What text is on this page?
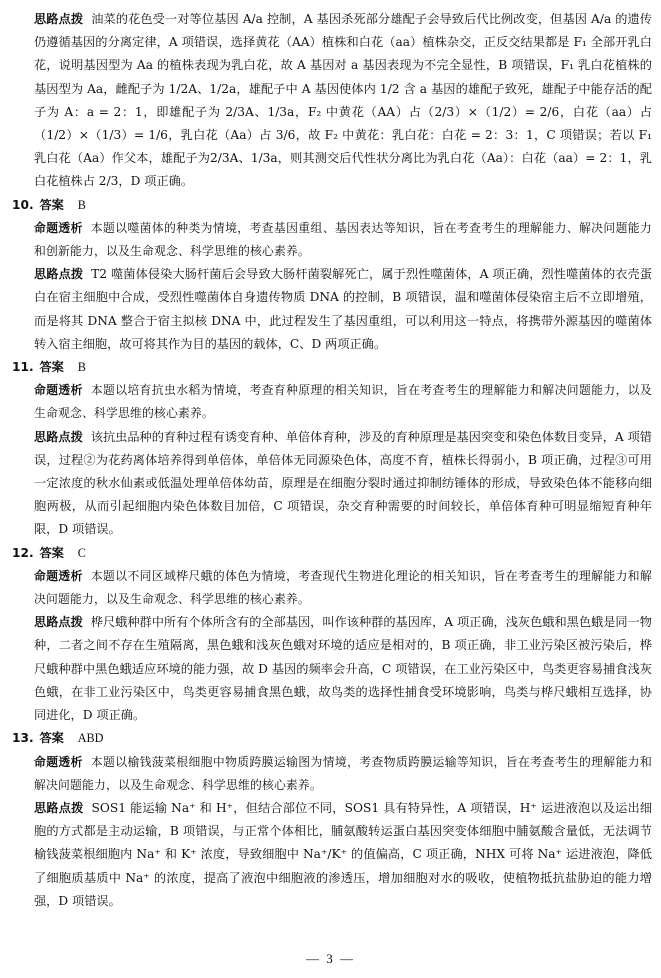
思路点拨 油菜的花色受一对等位基因 A/a 控制，A 基因杀死部分雄配子会导致后代比例改变，但基因 A/a 的遗传仍遵循基因的分离定律，A 项错误，选择黄花（AA）植株和白花（aa）植株杂交，正反交结果都是 F₁ 全部开乳白花，说明基因型为 Aa 的植株表现为乳白花，故 A 基因对 a 基因表现为不完全显性，B 项错误，F₁ 乳白花植株的基因型为 Aa，雌配子为 1/2A、1/2a，雄配子中 A 基因使体内 1/2 含 a 基因的雄配子致死，雄配子中能存活的配子为 A：a = 2：1，即雄配子为 2/3A、1/3a，F₂ 中黄花（AA）占（2/3）×（1/2）= 2/6，白花（aa）占（1/2）×（1/3）= 1/6，乳白花（Aa）占 3/6，故 F₂ 中黄花：乳白花：白花 = 2：3：1，C 项错误；若以 F₁ 乳白花（Aa）作父本，雄配子为2/3A、1/3a，则其测交后代性状分离比为乳白花（Aa）：白花（aa）= 2：1，乳白花植株占 2/3，D 项正确。

10. 答案 B

命题透析 本题以噬菌体的种类为情境，考查基因重组、基因表达等知识，旨在考查考生的理解能力、解决问题能力和创新能力，以及生命观念、科学思维的核心素养。

思路点拨 T2 噬菌体侵染大肠杆菌后会导致大肠杆菌裂解死亡，属于烈性噬菌体，A 项正确，烈性噬菌体的衣壳蛋白在宿主细胞中合成，受烈性噬菌体自身遗传物质 DNA 的控制，B 项错误，温和噬菌体侵染宿主后不立即增殖，而是将其 DNA 整合于宿主拟核 DNA 中，此过程发生了基因重组，可以利用这一特点，将携带外源基因的噬菌体转入宿主细胞，故可将其作为目的基因的载体，C、D 两项正确。

11. 答案 B

命题透析 本题以培育抗虫水稻为情境，考查育种原理的相关知识，旨在考查考生的理解能力和解决问题能力，以及生命观念、科学思维的核心素养。

思路点拨 该抗虫品种的育种过程有诱变育种、单倍体育种，涉及的育种原理是基因突变和染色体数目变异，A 项错误，过程②为花药离体培养得到单倍体，单倍体无同源染色体，高度不育，植株长得弱小，B 项正确，过程③可用一定浓度的秋水仙素或低温处理单倍体幼苗，原理是在细胞分裂时通过抑制纺锤体的形成，导致染色体不能移向细胞两极，从而引起细胞内染色体数目加倍，C 项错误，杂交育种需要的时间较长，单倍体育种可明显缩短育种年限，D 项错误。

12. 答案 C

命题透析 本题以不同区域桦尺蛾的体色为情境，考查现代生物进化理论的相关知识，旨在考查考生的理解能力和解决问题能力，以及生命观念、科学思维的核心素养。

思路点拨 桦尺蛾种群中所有个体所含有的全部基因，叫作该种群的基因库，A 项正确，浅灰色蛾和黑色蛾是同一物种，二者之间不存在生殖隔离，黑色蛾和浅灰色蛾对环境的适应是相对的，B 项正确，非工业污染区被污染后，桦尺蛾种群中黑色蛾适应环境的能力强，故 D 基因的频率会升高，C 项错误，在工业污染区中，鸟类更容易捕食浅灰色蛾，在非工业污染区中，鸟类更容易捕食黑色蛾，故鸟类的选择性捕食受环境影响，鸟类与桦尺蛾相互选择，协同进化，D 项正确。

13. 答案 ABD

命题透析 本题以榆钱菠菜根细胞中物质跨膜运输图为情境，考查物质跨膜运输等知识，旨在考查考生的理解能力和解决问题能力，以及生命观念、科学思维的核心素养。

思路点拨 SOS1 能运输 Na⁺ 和 H⁺，但结合部位不同，SOS1 具有特异性，A 项错误，H⁺ 运进液泡以及运出细胞的方式都是主动运输，B 项错误，与正常个体相比，脯氨酸转运蛋白基因突变体细胞中脯氨酸含量低，无法调节榆钱菠菜根细胞内 Na⁺ 和 K⁺ 浓度，导致细胞中 Na⁺/K⁺ 的值偏高，C 项正确，NHX 可将 Na⁺ 运进液泡，降低了细胞质基质中 Na⁺ 的浓度，提高了液泡中细胞液的渗透压，增加细胞对水的吸收，使植物抵抗盐胁迫的能力增强，D 项错误。

— 3 —
